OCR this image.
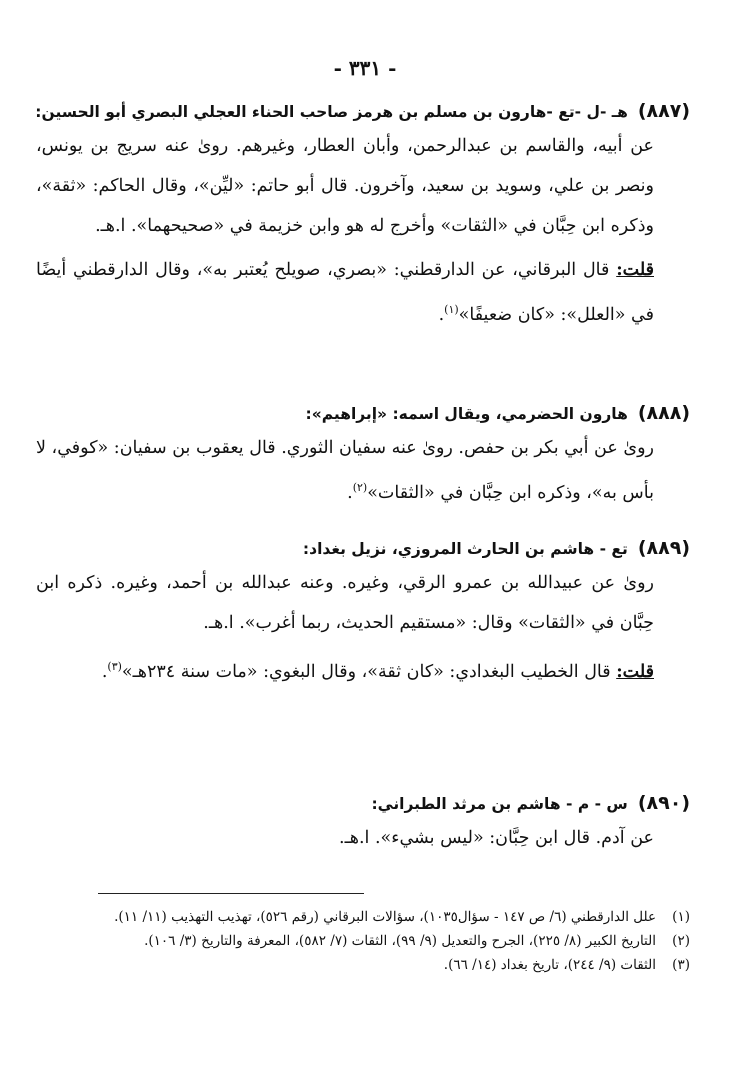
- ٣٣١ -
(٨٨٧)
هـ -ل -تع -هارون بن مسلم بن هرمز صاحب الحناء العجلي البصري أبو الحسين:
عن أبيه، والقاسم بن عبدالرحمن، وأبان العطار، وغيرهم. روىٰ عنه سريج بن يونس، ونصر بن علي، وسويد بن سعيد، وآخرون. قال أبو حاتم: «ليِّن»، وقال الحاكم: «ثقة»، وذكره ابن حِبَّان في «الثقات» وأخرج له هو وابن خزيمة في «صحيحهما». ا.هـ.
قلت: قال البرقاني، عن الدارقطني: «بصري، صويلح يُعتبر به»، وقال الدارقطني أيضًا في «العلل»: «كان ضعيفًا»$^{(١)}$.
(٨٨٨)
هارون الحضرمي، ويقال اسمه: «إبراهيم»:
روىٰ عن أبي بكر بن حفص. روىٰ عنه سفيان الثوري. قال يعقوب بن سفيان: «كوفي، لا بأس به»، وذكره ابن حِبَّان في «الثقات»$^{(٢)}$.
(٨٨٩)
تع - هاشم بن الحارث المروزي، نزيل بغداد:
روىٰ عن عبيدالله بن عمرو الرقي، وغيره. وعنه عبدالله بن أحمد، وغيره. ذكره ابن حِبَّان في «الثقات» وقال: «مستقيم الحديث، ربما أغرب». ا.هـ.
قلت: قال الخطيب البغدادي: «كان ثقة»، وقال البغوي: «مات سنة ٢٣٤هـ»$^{(٣)}$.
(٨٩٠)
س - م - هاشم بن مرثد الطبراني:
عن آدم. قال ابن حِبَّان: «ليس بشيء». ا.هـ.
(١)
علل الدارقطني (٦/ ص ١٤٧ - سؤال١٠٣٥)، سؤالات البرقاني (رقم ٥٢٦)، تهذيب التهذيب (١١/ ١١).
(٢)
التاريخ الكبير (٨/ ٢٢٥)، الجرح والتعديل (٩/ ٩٩)، الثقات (٧/ ٥٨٢)، المعرفة والتاريخ (٣/ ١٠٦).
(٣)
الثقات (٩/ ٢٤٤)، تاريخ بغداد (١٤/ ٦٦).
